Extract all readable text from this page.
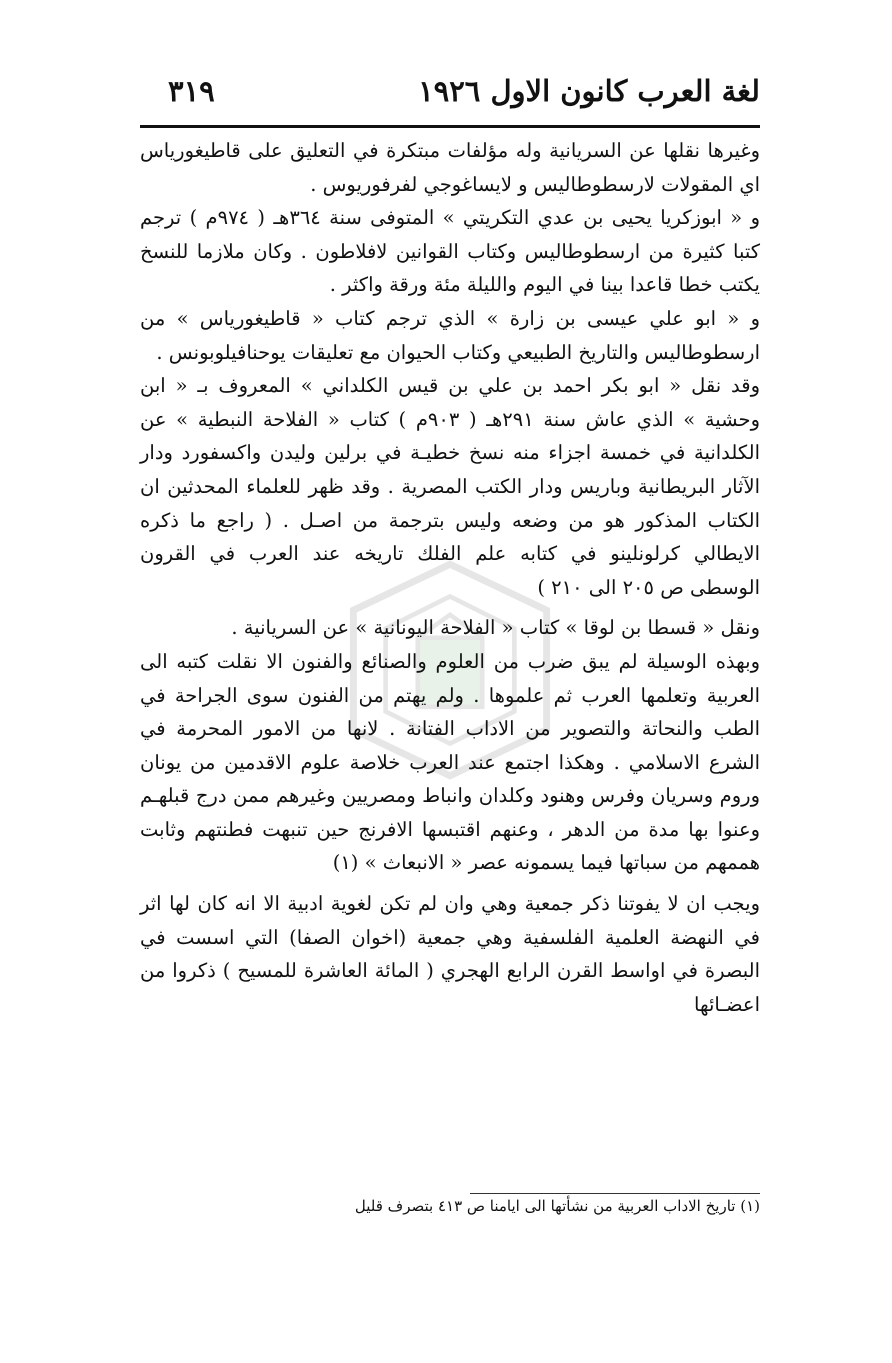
لغة العرب كانون الاول ١٩٢٦
٣١٩

وغيرها نقلها عن السريانية وله مؤلفات مبتكرة في التعليق على قاطيغورياس اي المقولات لارسطوطاليس و لايساغوجي لفرفوريوس .

و « ابوزكريا يحيى بن عدي التكريتي » المتوفى سنة ٣٦٤هـ ( ٩٧٤م ) ترجم كتبا كثيرة من ارسطوطاليس وكتاب القوانين لافلاطون . وكان ملازما للنسخ يكتب خطا قاعدا بينا في اليوم والليلة مئة ورقة واكثر .

و « ابو علي عيسى بن زارة » الذي ترجم كتاب « قاطيغورياس » من ارسطوطاليس والتاريخ الطبيعي وكتاب الحيوان مع تعليقات يوحنافيلوبونس .

وقد نقل « ابو بكر احمد بن علي بن قيس الكلداني » المعروف بـ « ابن وحشية » الذي عاش سنة ٢٩١هـ ( ٩٠٣م ) كتاب « الفلاحة النبطية » عن الكلدانية في خمسة اجزاء منه نسخ خطيـة في برلين وليدن واكسفورد ودار الآثار البريطانية وباريس ودار الكتب المصرية . وقد ظهر للعلماء المحدثين ان الكتاب المذكور هو من وضعه وليس بترجمة من اصـل . ( راجع ما ذكره الايطالي كرلونلينو في كتابه علم الفلك تاريخه عند العرب في القرون الوسطى ص ٢٠٥ الى ٢١٠ )

ونقل « قسطا بن لوقا » كتاب « الفلاحة اليونانية » عن السريانية .

وبهذه الوسيلة لم يبق ضرب من العلوم والصنائع والفنون الا نقلت كتبه الى العربية وتعلمها العرب ثم علموها . ولم يهتم من الفنون سوى الجراحة في الطب والنحاتة والتصوير من الاداب الفتانة . لانها من الامور المحرمة في الشرع الاسلامي . وهكذا اجتمع عند العرب خلاصة علوم الاقدمين من يونان وروم وسريان وفرس وهنود وكلدان وانباط ومصريين وغيرهم ممن درج قبلهـم وعنوا بها مدة من الدهر ، وعنهم اقتبسها الافرنج حين تنبهت فطنتهم وثابت هممهم من سباتها فيما يسمونه عصر « الانبعاث » (١)

ويجب ان لا يفوتنا ذكر جمعية وهي وان لم تكن لغوية ادبية الا انه كان لها اثر في النهضة العلمية الفلسفية وهي جمعية (اخوان الصفا) التي اسست في البصرة في اواسط القرن الرابع الهجري ( المائة العاشرة للمسيح ) ذكروا من اعضـائها

(١) تاريخ الاداب العربية من نشأتها الى ايامنا ص ٤١٣ بتصرف قليل
